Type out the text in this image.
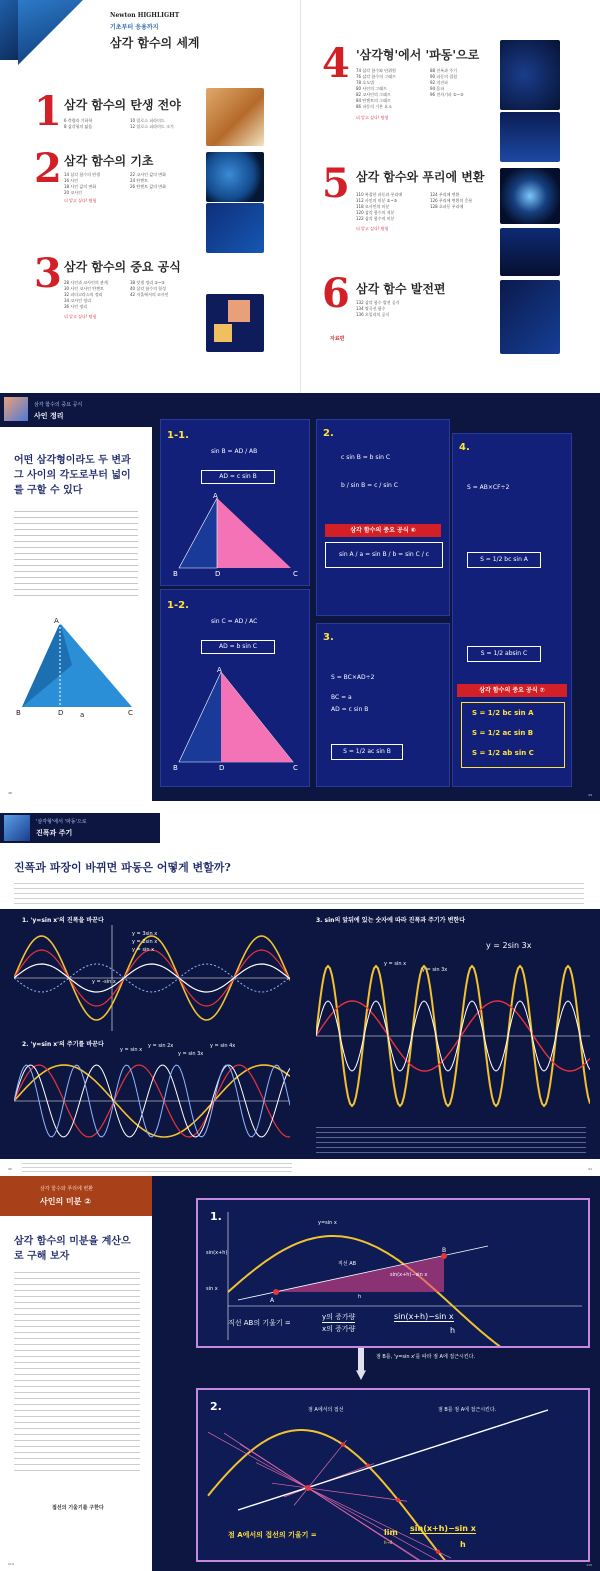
Newton HIGHLIGHT
기초부터 응용까지
삼각 함수의 세계
1 삼각 함수의 탄생 전야
6 측량과 기하학
8 삼각형의 닮음
10 밀로스 피라미드
12 밀로스 피라미드 크기
2 삼각 함수의 기초
14 삼각 함수의 탄생
16 사인
18 사인 값의 변화
20 코사인
22 코사인 값의 변화
24 탄젠트
26 탄젠트 값의 변화
더 알고 싶다! 탐험
3 삼각 함수의 중요 공식
28 사인과 코사인의 관계
30 사인 코사인 탄젠트
32 피타고라스의 정리
34 코사인 정리
36 사인 정리
38 덧셈 정리 ①~③
40 삼각 함수의 합성
42 저울에서의 코사인
더 알고 싶다! 탐험
4 '삼각형'에서 '파동'으로
74 삼각 함수와 단위원
76 삼각 함수의 그래프
78 호도법
80 사인의 그래프
82 코사인의 그래프
84 탄젠트의 그래프
86 파동의 기본 요소
88 진폭과 주기
90 파동의 겹침
92 지진파
94 음파
96 전자기파 ①~③
더 알고 싶다! 탐험
5 삼각 함수와 푸리에 변환
110 복잡한 파동과 푸리에
112 사인의 미분 ①~③
118 코사인의 미분
120 삼각 함수의 적분
122 삼각 함수의 미분
124 푸리에 변환
126 푸리에 변환의 응용
128 초파동 푸리에
더 알고 싶다! 탐험
6 삼각 함수 발전편
132 삼각 함수 발전 공식
134 쌍곡선 함수
136 오일러의 공식
자료편
삼각 함수의 중요 공식
사인 정리
어떤 삼각형이라도 두 변과 그 사이의 각도로부터 넓이를 구할 수 있다
A
B	C
D a
48
1-1.
sin B = AD / AB
AD = c sin B
A
B	D	C
1-2.
sin C = AD / AC
AD = b sin C
A
B	D	C
2.
c sin B = b sin C
b / sin B = c / sin C
삼각 함수의 중요 공식 ⑥
sin A / a = sin B / b = sin C / c
3.
S = BC×AD÷2
BC = a
AD = c sin B
S = 1/2 ac sin B
4.
S = AB×CF÷2
S = 1/2 bc sin A
S = 1/2 absin C
삼각 함수의 중요 공식 ⑦
S = 1/2 bc sin A
S = 1/2 ac sin B
S = 1/2 ab sin C
49
'삼각형'에서 '파동'으로
진폭과 주기
진폭과 파장이 바뀌면 파동은 어떻게 변할까?
1. 'y=sin x'의 진폭을 바꾼다
y = 3sin x
y = 2sin x
y = sin x
y = -sin x
2. 'y=sin x'의 주기를 바꾼다
y = sin x
y = sin 2x
y = sin 3x
y = sin 4x
3. sin의 앞뒤에 있는 숫자에 따라 진폭과 주기가 변한다
y = 2sin 3x
y = sin x
y = sin 3x
90	91
삼각 함수와 푸리에 변환
사인의 미분 ②
삼각 함수의 미분을 계산으로 구해 보자
접선의 기울기를 구한다
114
1.
A
B
y=sin x
직선 AB
sin(x+h)−sin x
h
sin(x+h)
sin x
직선 AB의 기울기 =
y의 증가량
x의 증가량
sin(x+h)−sin x
h
점 B를, 'y=sin x'를 따라 점 A에 접근시킨다.
2.	점 A에서의 접선	점 B를 점 A에 접근시킨다.
점 A에서의 접선의 기울기 =	lim
h→0
sin(x+h)−sin x
h
115
